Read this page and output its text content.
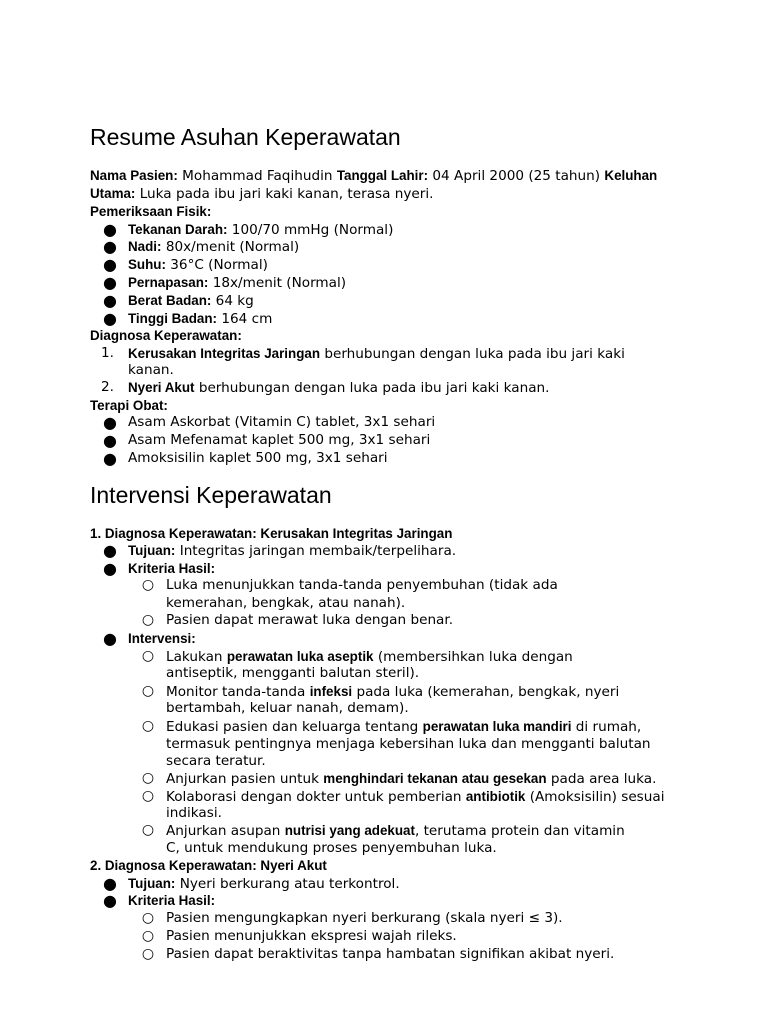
Resume Asuhan Keperawatan
Nama Pasien: Mohammad Faqihudin Tanggal Lahir: 04 April 2000 (25 tahun) Keluhan
Utama: Luka pada ibu jari kaki kanan, terasa nyeri.
Pemeriksaan Fisik:
● Tekanan Darah: 100/70 mmHg (Normal)
● Nadi: 80x/menit (Normal)
● Suhu: 36°C (Normal)
● Pernapasan: 18x/menit (Normal)
● Berat Badan: 64 kg
● Tinggi Badan: 164 cm
Diagnosa Keperawatan:
1. Kerusakan Integritas Jaringan berhubungan dengan luka pada ibu jari kaki
kanan.
2. Nyeri Akut berhubungan dengan luka pada ibu jari kaki kanan.
Terapi Obat:
● Asam Askorbat (Vitamin C) tablet, 3x1 sehari
● Asam Mefenamat kaplet 500 mg, 3x1 sehari
● Amoksisilin kaplet 500 mg, 3x1 sehari
Intervensi Keperawatan
1. Diagnosa Keperawatan: Kerusakan Integritas Jaringan
● Tujuan: Integritas jaringan membaik/terpelihara.
● Kriteria Hasil:
○ Luka menunjukkan tanda-tanda penyembuhan (tidak ada
kemerahan, bengkak, atau nanah).
○ Pasien dapat merawat luka dengan benar.
● Intervensi:
○ Lakukan perawatan luka aseptik (membersihkan luka dengan
antiseptik, mengganti balutan steril).
○ Monitor tanda-tanda infeksi pada luka (kemerahan, bengkak, nyeri
bertambah, keluar nanah, demam).
○ Edukasi pasien dan keluarga tentang perawatan luka mandiri di rumah,
termasuk pentingnya menjaga kebersihan luka dan mengganti balutan
secara teratur.
○ Anjurkan pasien untuk menghindari tekanan atau gesekan pada area luka.
○ Kolaborasi dengan dokter untuk pemberian antibiotik (Amoksisilin) sesuai
indikasi.
○ Anjurkan asupan nutrisi yang adekuat, terutama protein dan vitamin
C, untuk mendukung proses penyembuhan luka.
2. Diagnosa Keperawatan: Nyeri Akut
● Tujuan: Nyeri berkurang atau terkontrol.
● Kriteria Hasil:
○ Pasien mengungkapkan nyeri berkurang (skala nyeri ≤ 3).
○ Pasien menunjukkan ekspresi wajah rileks.
○ Pasien dapat beraktivitas tanpa hambatan signifikan akibat nyeri.
